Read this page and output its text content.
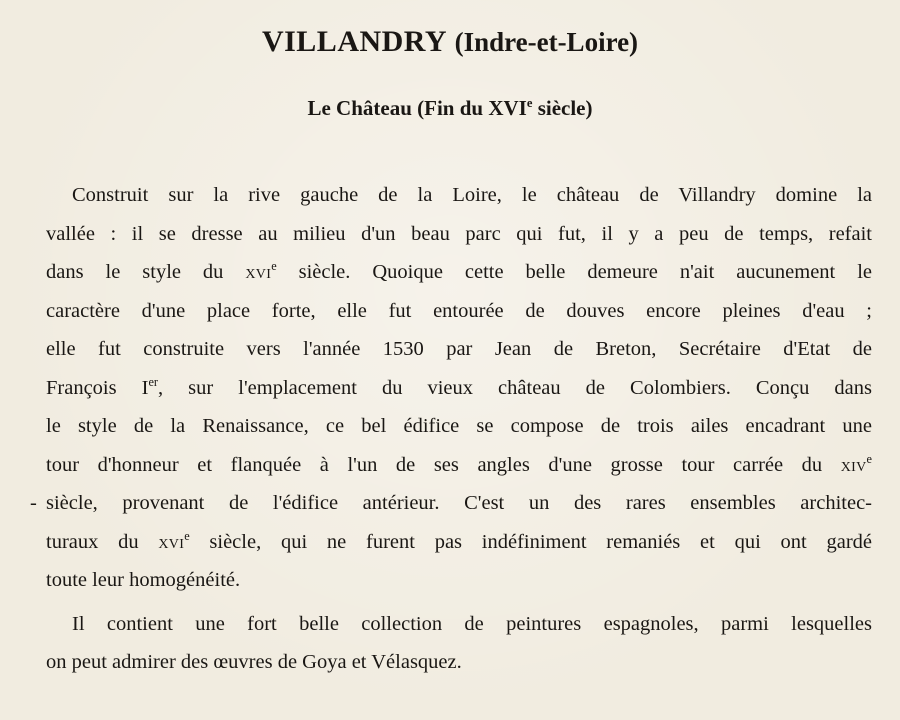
VILLANDRY (Indre-et-Loire)
Le Château (Fin du XVIe siècle)
Construit sur la rive gauche de la Loire, le château de Villandry domine la
vallée : il se dresse au milieu d'un beau parc qui fut, il y a peu de temps, refait
dans le style du xvi$^e$ siècle. Quoique cette belle demeure n'ait aucunement le
caractère d'une place forte, elle fut entourée de douves encore pleines d'eau ;
elle fut construite vers l'année 1530 par Jean de Breton, Secrétaire d'Etat de
François Ier, sur l'emplacement du vieux château de Colombiers. Conçu dans
le style de la Renaissance, ce bel édifice se compose de trois ailes encadrant une
tour d'honneur et flanquée à l'un de ses angles d'une grosse tour carrée du xiv$^e$
- siècle, provenant de l'édifice antérieur. C'est un des rares ensembles architec-
turaux du xvi$^e$ siècle, qui ne furent pas indéfiniment remaniés et qui ont gardé
toute leur homogénéité.
Il contient une fort belle collection de peintures espagnoles, parmi lesquelles
on peut admirer des œuvres de Goya et Vélasquez.
